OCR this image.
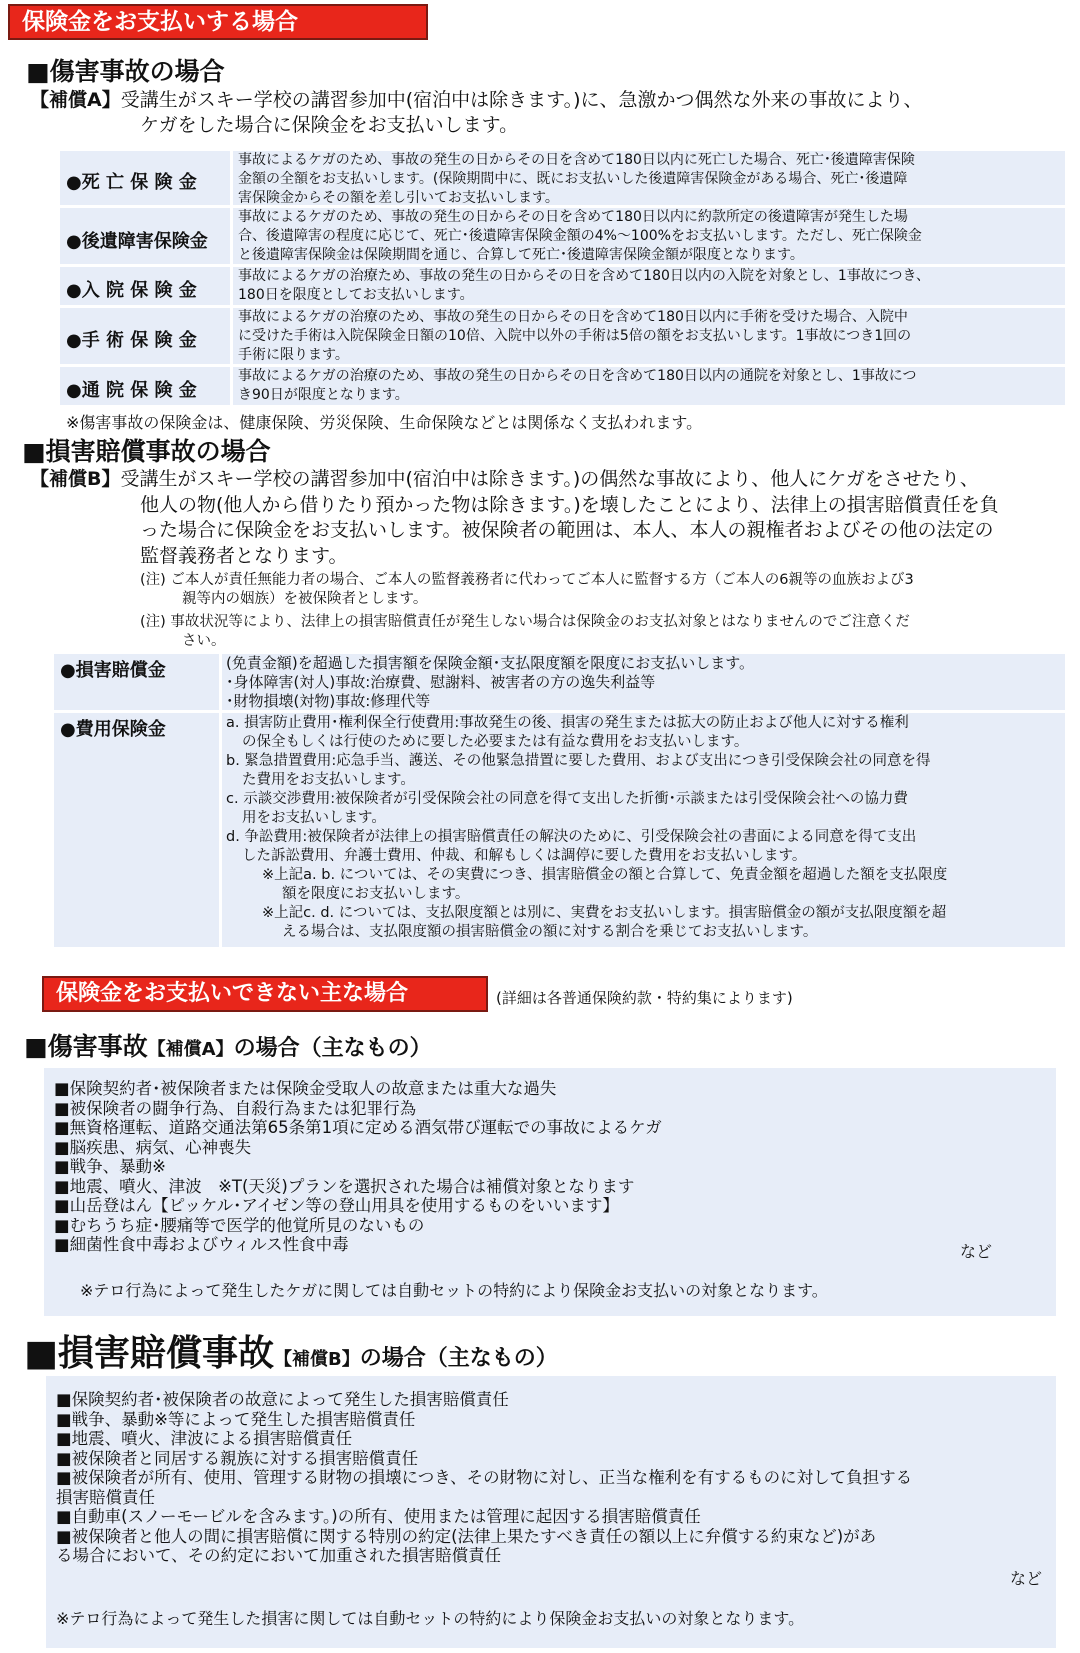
保険金をお支払いする場合
■傷害事故の場合
【補償A】受講生がスキー学校の講習参加中(宿泊中は除きます。)に、急激かつ偶然な外来の事故により、
ケガをした場合に保険金をお支払いします。
●死 亡 保 険 金
事故によるケガのため、事故の発生の日からその日を含めて180日以内に死亡した場合、死亡･後遺障害保険
金額の全額をお支払いします。(保険期間中に、既にお支払いした後遺障害保険金がある場合、死亡･後遺障
害保険金からその額を差し引いてお支払いします。
●後遺障害保険金
事故によるケガのため、事故の発生の日からその日を含めて180日以内に約款所定の後遺障害が発生した場
合、後遺障害の程度に応じて、死亡･後遺障害保険金額の4%～100%をお支払いします。ただし、死亡保険金
と後遺障害保険金は保険期間を通じ、合算して死亡･後遺障害保険金額が限度となります。
●入 院 保 険 金
事故によるケガの治療ため、事故の発生の日からその日を含めて180日以内の入院を対象とし、1事故につき、
180日を限度としてお支払いします。
●手 術 保 険 金
事故によるケガの治療のため、事故の発生の日からその日を含めて180日以内に手術を受けた場合、入院中
に受けた手術は入院保険金日額の10倍、入院中以外の手術は5倍の額をお支払いします。1事故につき1回の
手術に限ります。
●通 院 保 険 金
事故によるケガの治療のため、事故の発生の日からその日を含めて180日以内の通院を対象とし、1事故につ
き90日が限度となります。
※傷害事故の保険金は、健康保険、労災保険、生命保険などとは関係なく支払われます。
■損害賠償事故の場合
【補償B】受講生がスキー学校の講習参加中(宿泊中は除きます。)の偶然な事故により、他人にケガをさせたり、
他人の物(他人から借りたり預かった物は除きます。)を壊したことにより、法律上の損害賠償責任を負
った場合に保険金をお支払いします。被保険者の範囲は、本人、本人の親権者およびその他の法定の
監督義務者となります。
(注) ご本人が責任無能力者の場合、ご本人の監督義務者に代わってご本人に監督する方（ご本人の6親等の血族および3
親等内の姻族）を被保険者とします。
(注) 事故状況等により、法律上の損害賠償責任が発生しない場合は保険金のお支払対象とはなりませんのでご注意くだ
さい。
●損害賠償金	(免責金額)を超過した損害額を保険金額･支払限度額を限度にお支払いします。
･身体障害(対人)事故:治療費、慰謝料、被害者の方の逸失利益等
･財物損壊(対物)事故:修理代等
●費用保険金	a. 損害防止費用･権利保全行使費用:事故発生の後、損害の発生または拡大の防止および他人に対する権利
の保全もしくは行使のために要した必要または有益な費用をお支払いします。
b. 緊急措置費用:応急手当、護送、その他緊急措置に要した費用、および支出につき引受保険会社の同意を得
た費用をお支払いします。
c. 示談交渉費用:被保険者が引受保険会社の同意を得て支出した折衝･示談または引受保険会社への協力費
用をお支払いします。
d. 争訟費用:被保険者が法律上の損害賠償責任の解決のために、引受保険会社の書面による同意を得て支出
した訴訟費用、弁護士費用、仲裁、和解もしくは調停に要した費用をお支払いします。
※上記a. b. については、その実費につき、損害賠償金の額と合算して、免責金額を超過した額を支払限度
額を限度にお支払いします。
※上記c. d. については、支払限度額とは別に、実費をお支払いします。損害賠償金の額が支払限度額を超
える場合は、支払限度額の損害賠償金の額に対する割合を乗じてお支払いします。
保険金をお支払いできない主な場合	(詳細は各普通保険約款・特約集によります)
■傷害事故【補償A】の場合（主なもの）
■保険契約者･被保険者または保険金受取人の故意または重大な過失
■被保険者の闘争行為、自殺行為または犯罪行為
■無資格運転、道路交通法第65条第1項に定める酒気帯び運転での事故によるケガ
■脳疾患、病気、心神喪失
■戦争、暴動※
■地震、噴火、津波　※T(天災)プランを選択された場合は補償対象となります
■山岳登はん【ピッケル･アイゼン等の登山用具を使用するものをいいます】
■むちうち症･腰痛等で医学的他覚所見のないもの
■細菌性食中毒およびウィルス性食中毒	など
※テロ行為によって発生したケガに関しては自動セットの特約により保険金お支払いの対象となります。
■損害賠償事故【補償B】の場合（主なもの）
■保険契約者･被保険者の故意によって発生した損害賠償責任
■戦争、暴動※等によって発生した損害賠償責任
■地震、噴火、津波による損害賠償責任
■被保険者と同居する親族に対する損害賠償責任
■被保険者が所有、使用、管理する財物の損壊につき、その財物に対し、正当な権利を有するものに対して負担する
損害賠償責任
■自動車(スノーモービルを含みます。)の所有、使用または管理に起因する損害賠償責任
■被保険者と他人の間に損害賠償に関する特別の約定(法律上果たすべき責任の額以上に弁償する約束など)があ
る場合において、その約定において加重された損害賠償責任
など
※テロ行為によって発生した損害に関しては自動セットの特約により保険金お支払いの対象となります。
